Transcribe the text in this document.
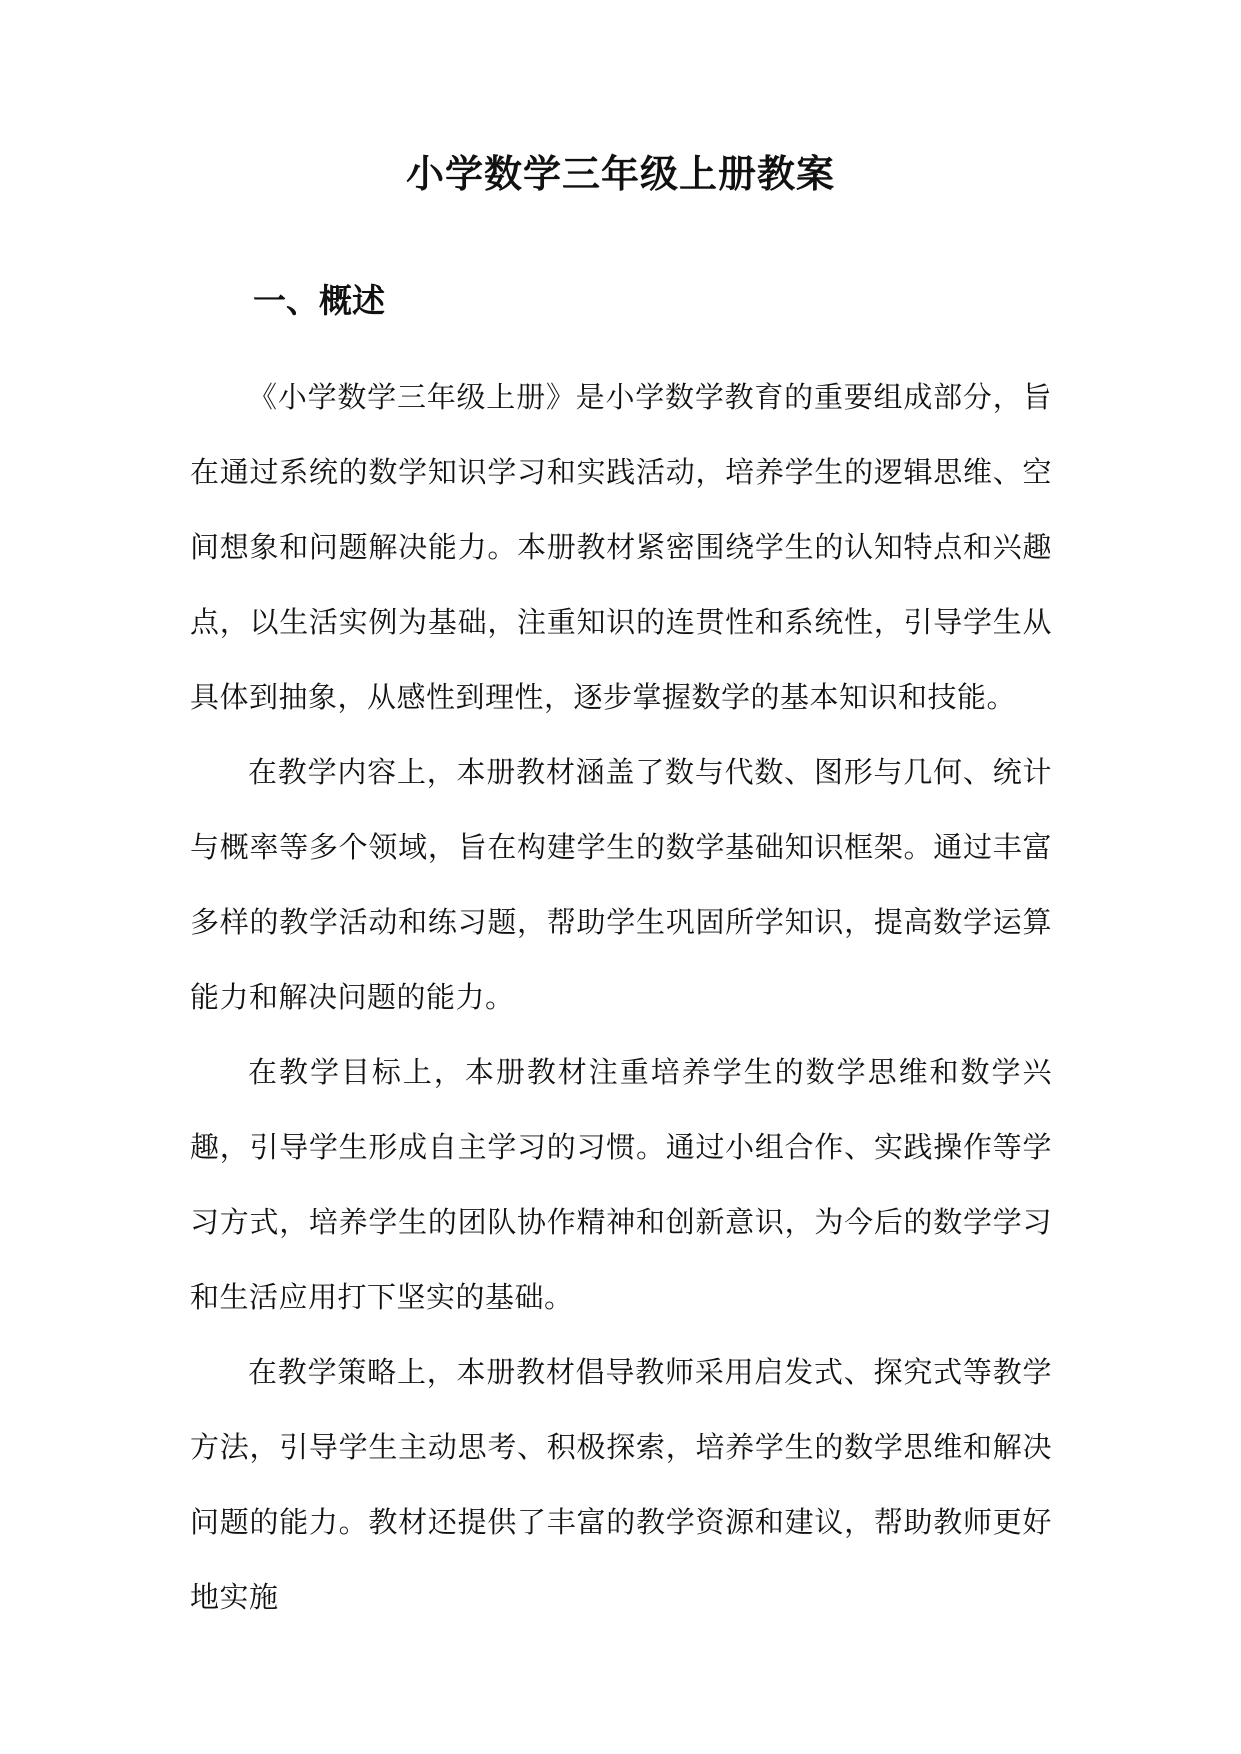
小学数学三年级上册教案
一、概述

《小学数学三年级上册》是小学数学教育的重要组成部分，旨在通过系统的数学知识学习和实践活动，培养学生的逻辑思维、空间想象和问题解决能力。本册教材紧密围绕学生的认知特点和兴趣点，以生活实例为基础，注重知识的连贯性和系统性，引导学生从具体到抽象，从感性到理性，逐步掌握数学的基本知识和技能。

在教学内容上，本册教材涵盖了数与代数、图形与几何、统计与概率等多个领域，旨在构建学生的数学基础知识框架。通过丰富多样的教学活动和练习题，帮助学生巩固所学知识，提高数学运算能力和解决问题的能力。

在教学目标上，本册教材注重培养学生的数学思维和数学兴趣，引导学生形成自主学习的习惯。通过小组合作、实践操作等学习方式，培养学生的团队协作精神和创新意识，为今后的数学学习和生活应用打下坚实的基础。

在教学策略上，本册教材倡导教师采用启发式、探究式等教学方法，引导学生主动思考、积极探索，培养学生的数学思维和解决问题的能力。教材还提供了丰富的教学资源和建议，帮助教师更好地实施
